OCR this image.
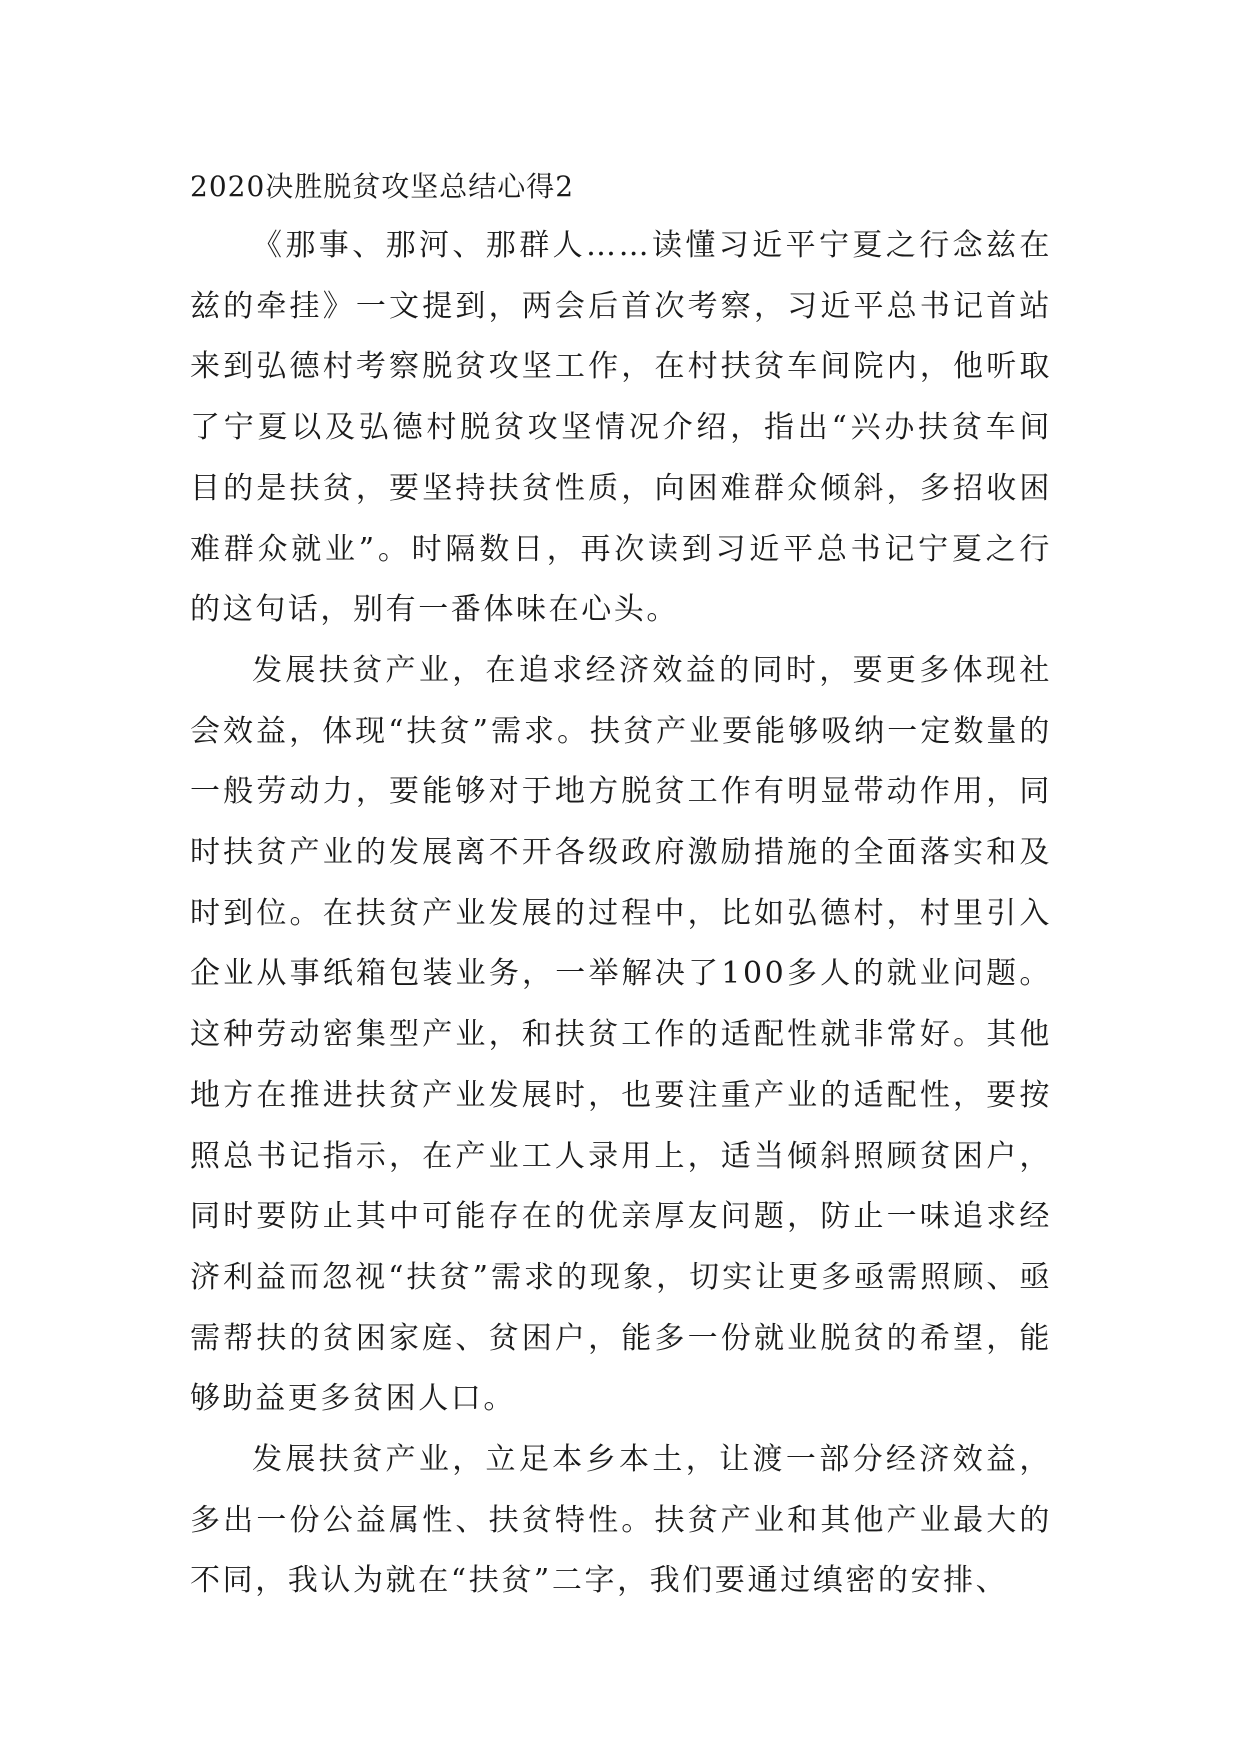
2020决胜脱贫攻坚总结心得2

《那事、那河、那群人……读懂习近平宁夏之行念兹在兹的牵挂》一文提到，两会后首次考察，习近平总书记首站来到弘德村考察脱贫攻坚工作，在村扶贫车间院内，他听取了宁夏以及弘德村脱贫攻坚情况介绍，指出“兴办扶贫车间目的是扶贫，要坚持扶贫性质，向困难群众倾斜，多招收困难群众就业”。时隔数日，再次读到习近平总书记宁夏之行的这句话，别有一番体味在心头。

发展扶贫产业，在追求经济效益的同时，要更多体现社会效益，体现“扶贫”需求。扶贫产业要能够吸纳一定数量的一般劳动力，要能够对于地方脱贫工作有明显带动作用，同时扶贫产业的发展离不开各级政府激励措施的全面落实和及时到位。在扶贫产业发展的过程中，比如弘德村，村里引入企业从事纸箱包装业务，一举解决了100多人的就业问题。这种劳动密集型产业，和扶贫工作的适配性就非常好。其他地方在推进扶贫产业发展时，也要注重产业的适配性，要按照总书记指示，在产业工人录用上，适当倾斜照顾贫困户，同时要防止其中可能存在的优亲厚友问题，防止一味追求经济利益而忽视“扶贫”需求的现象，切实让更多亟需照顾、亟需帮扶的贫困家庭、贫困户，能多一份就业脱贫的希望，能够助益更多贫困人口。

发展扶贫产业，立足本乡本土，让渡一部分经济效益，多出一份公益属性、扶贫特性。扶贫产业和其他产业最大的不同，我认为就在“扶贫”二字，我们要通过缜密的安排、
